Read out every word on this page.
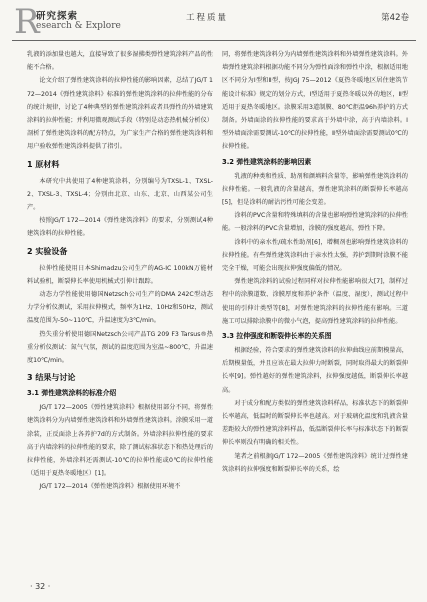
R
研究探索
esearch & Explore
工程质量	第42卷

乳液的添加量也越大，直接导致了很多湿拂类弹性建筑涂料产品的性能不合格。

论文介绍了弹性建筑涂料的拉伸性能的影响因素，总结了JG/T 172—2014《弹性建筑涂料》标准的弹性建筑涂料的拉伸性能的分布的统计规律，讨论了4种典型的弹性建筑涂料或者具弹性的外墙建筑涂料的拉伸性能；并利用微观测试手段（特别是动态热机械分析仪）剖析了弹性建筑涂料的配方特点，为广家生产合格的弹性建筑涂料和用户验收弹性建筑涂料提供了指引。

1 原材料

本研究中共使用了4种建筑涂料，分别编号为TXSL-1、TXSL-2、TXSL-3、TXSL-4；分别由北京、山东、北京、山西某公司生产。

按照JG/T 172—2014《弹性建筑涂料》的要求，分别测试4种建筑涂料的拉伸性能。

2 实验设备

拉伸性能使用日本Shimadzu公司生产的AG-IC 100kN万能材料试验机，断裂伸长率使用机械式引伸计跟踪。

动态力学性能使用德国Netzsch公司生产的DMA 242C型动态力学分析仪测试，采用拉伸模式，频率为1Hz、10Hz和50Hz，测试温度范围为-50~110℃，升温速度为3℃/min。

热失重分析使用德国Netzsch公司产品TG 209 F3 Tarsus®热重分析仪测试：氮气气氛，测试的温度范围为室温~800℃，升温速度10℃/min。

3 结果与讨论
3.1 弹性建筑涂料的标准介绍

JG/T 172—2005《弹性建筑涂料》根据使用部分不同，将弹性建筑涂料分为内墙弹性建筑涂料和外墙弹性建筑涂料。涂膜采用一道涂装，正反面涂上各养护7d的方式制备。外墙涂料拉伸性能的要求高于内墙涂料的拉伸性能的要求，除了测试标准状态下和热处理后的拉伸性能，外墙涂料还需测试-10℃的拉伸性能或0℃的拉伸性能（适用于夏热冬暖地区）[1]。

JG/T 172—2014《弹性建筑涂料》根据使用环境不

同，将弹性建筑涂料分为内墙弹性建筑涂料和外墙弹性建筑涂料。外墙弹性建筑涂料根据功能不同分为弹性面涂和弹性中涂，根据适用地区不同分为Ⅰ型和Ⅱ型，按JGJ 75—2012《夏热冬暖地区居住建筑节能设计标准》规定的划分方式，Ⅰ型适用于夏热冬暖以外的地区，Ⅱ型适用于夏热冬暖地区。涂膜采用3道制膜、80℃拒温96h养护的方式制备。外墙面涂的拉伸性能的要求高于外墙中涂，高于内墙涂料。Ⅰ型外墙面涂需要测试-10℃的拉伸性能，Ⅱ型外墙面涂需要测试0℃的拉伸性能。

3.2 弹性建筑涂料的影响因素

乳液的种类和性质、助剂和颜填料含量等，影响弹性建筑涂料的拉伸性能。一般乳液的含量越高，弹性建筑涂料的断裂伸长率越高[5]，但是涂料的耐沾污性可能会变差。

涂料的PVC含量和特殊填料的含量也影响弹性建筑涂料的拉伸性能。一般涂料的PVC含量增加，涂膜的强度越高，弹性下降。

涂料中的亲水性/疏水性助剂[6]，增稠剂也影响弹性建筑涂料的拉伸性能。有些弹性建筑涂料由于亲水性太强，养护到期时涂膜不能完全干燥，可能会出现拉伸强度偏低的情况。

弹性建筑涂料的试验过程同样对拉伸性能影响很大[7]，制样过程中的涂膜道数、涂膜厚度和养护条件（温度、湿度），测试过程中使用的引伸计类型等[8]，对弹性建筑涂料的拉伸性能有影响。三道施工可以排除涂膜中的微小气泡，提高弹性建筑涂料的拉伸性能。

3.3 拉伸强度和断裂伸长率的关系图

根据经验，符合要求的弹性建筑涂料的拉伸曲线应前期模量高，后期模量低，并且应该在最大拉伸力时断裂，同时取得最大的断裂伸长率[9]。弹性越好的弹性建筑涂料，拉伸强度越低，断裂伸长率越高。

对于成分和配方类似的弹性建筑涂料样品，标准状态下的断裂伸长率越高，低温时的断裂伸长率也越高。对于玻璃化温度和乳液含量差距较大的弹性建筑涂料样品，低温断裂伸长率与标准状态下的断裂伸长率则没有明确的相关性。

笔者之前根据JG/T 172—2005《弹性建筑涂料》统计过弹性建筑涂料的拉伸强度和断裂伸长率的关系，绘

· 32 ·
